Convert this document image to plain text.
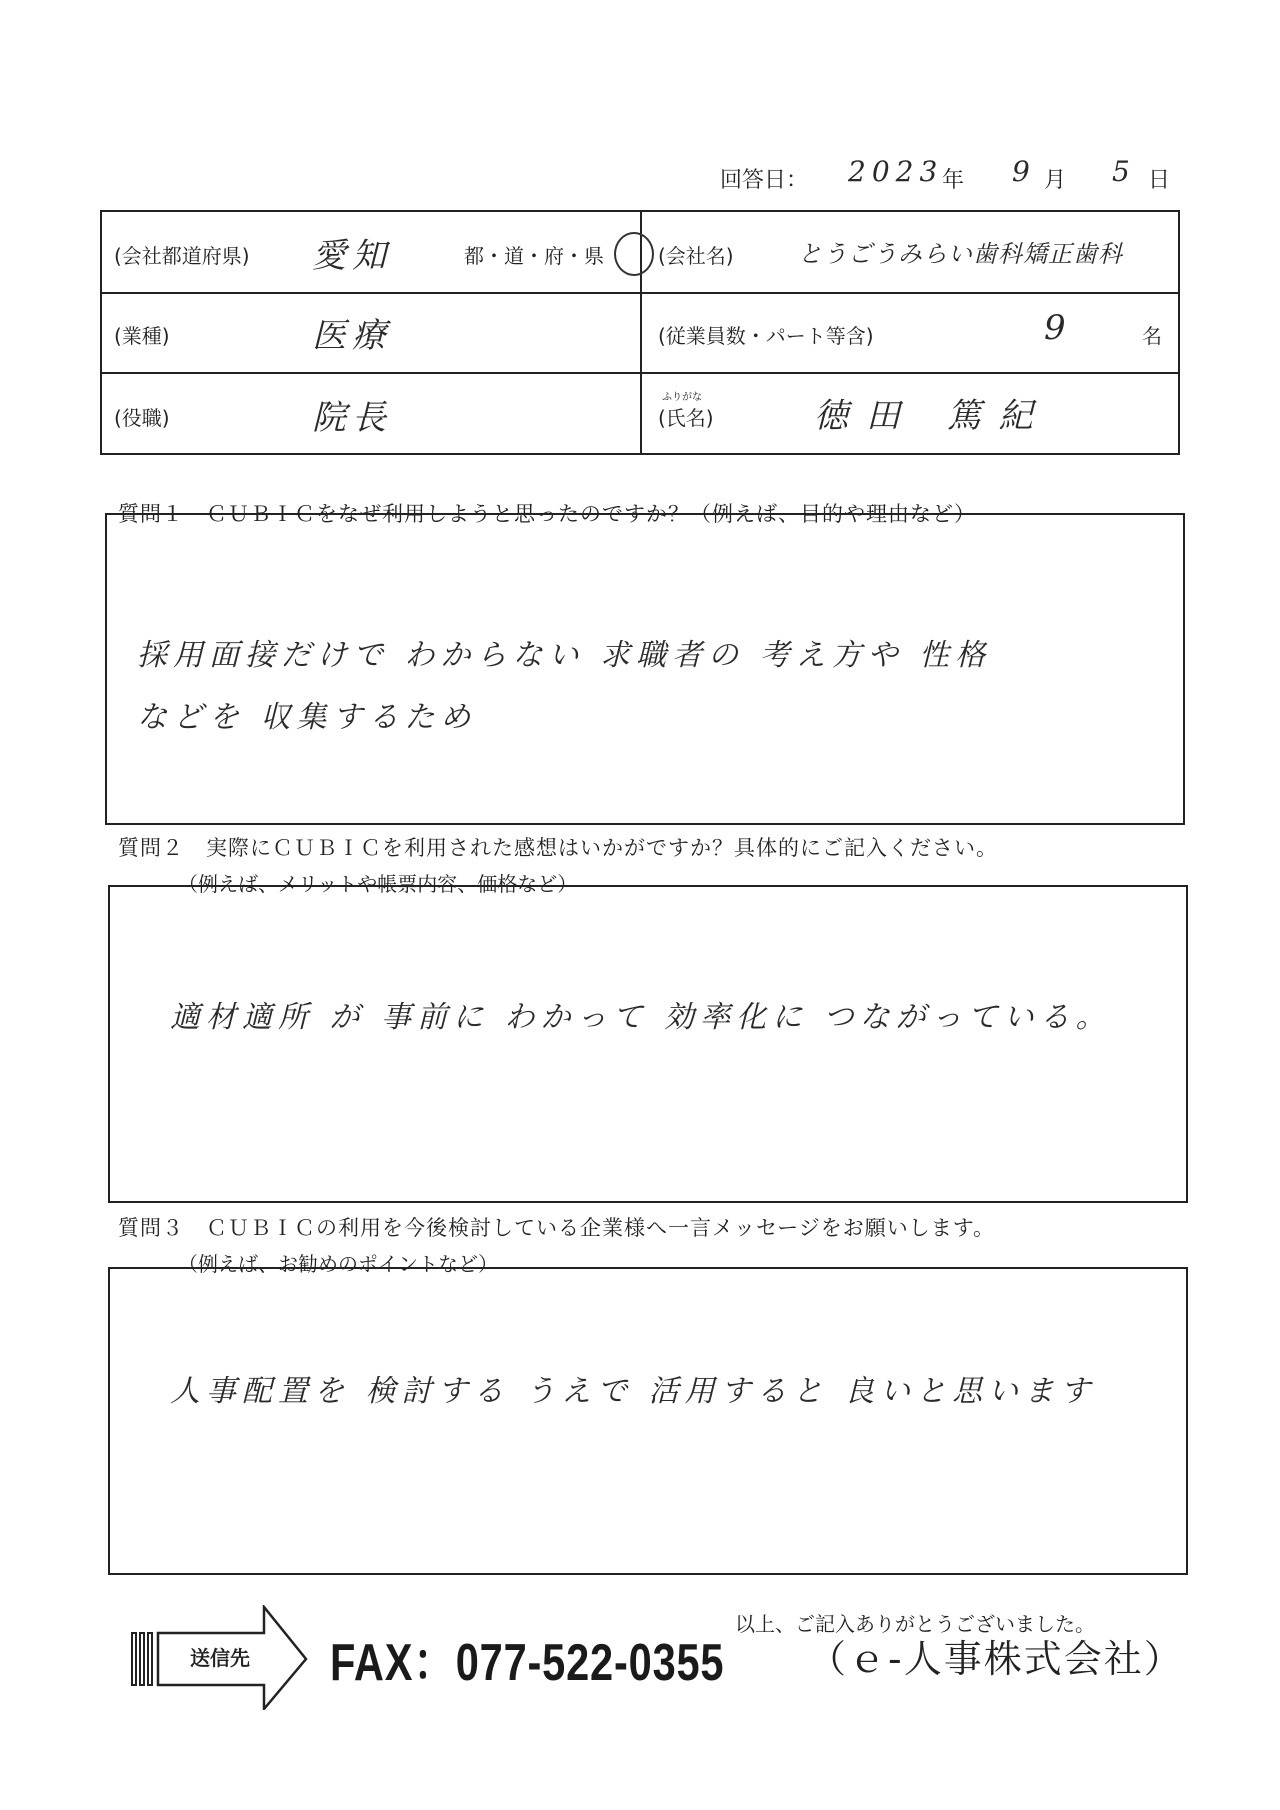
回答日： 2023
年 9 月 5 日
(会社都道府県) 愛知	都・道・府・県	(会社名)	とうごうみらい歯科矯正歯科
(業種)	医療	(従業員数・パート等含)	9	名
(役職)	院長
ふりがな
(氏名)	徳田 篤紀
質問１　ＣＵＢＩＣをなぜ利用しようと思ったのですか？（例えば、目的や理由など）
採用面接だけで わからない 求職者の 考え方や 性格
などを 収集するため
質問２　実際にＣＵＢＩＣを利用された感想はいかがですか？具体的にご記入ください。
（例えば、メリットや帳票内容、価格など）
適材適所 が 事前に わかって 効率化に つながっている。
質問３　ＣＵＢＩＣの利用を今後検討している企業様へ一言メッセージをお願いします。
（例えば、お勧めのポイントなど）
人事配置を 検討する うえで 活用すると 良いと思います
以上、ご記入ありがとうございました。
送信先 FAX：077-522-0355 （ｅ-人事株式会社）
